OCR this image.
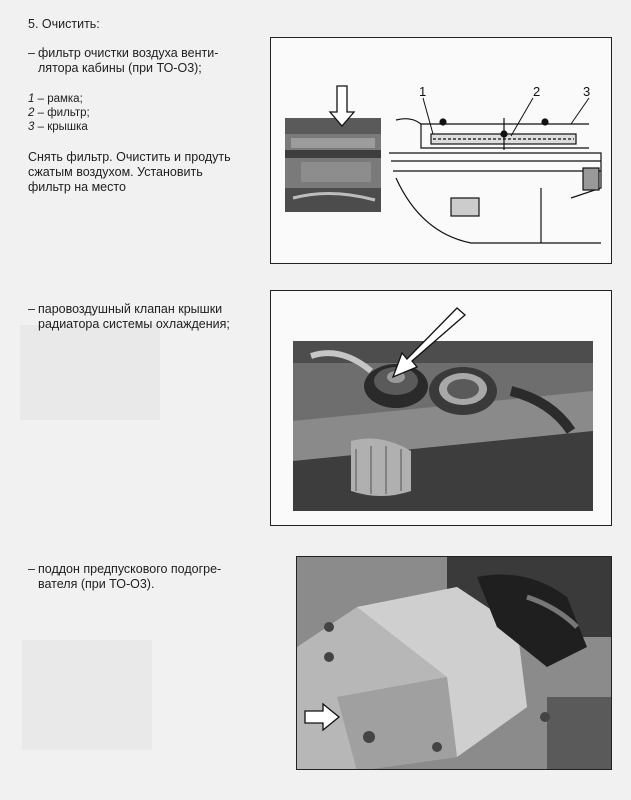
5. Очистить:
– фильтр очистки воздуха венти-
лятора кабины (при ТО-О3);
1 – рамка;
2 – фильтр;
3 – крышка
Снять фильтр. Очистить и продуть
сжатым воздухом. Установить
фильтр на место
1	2	3
– паровоздушный клапан крышки
радиатора системы охлаждения;
– поддон предпускового подогре-
вателя (при ТО-О3).
